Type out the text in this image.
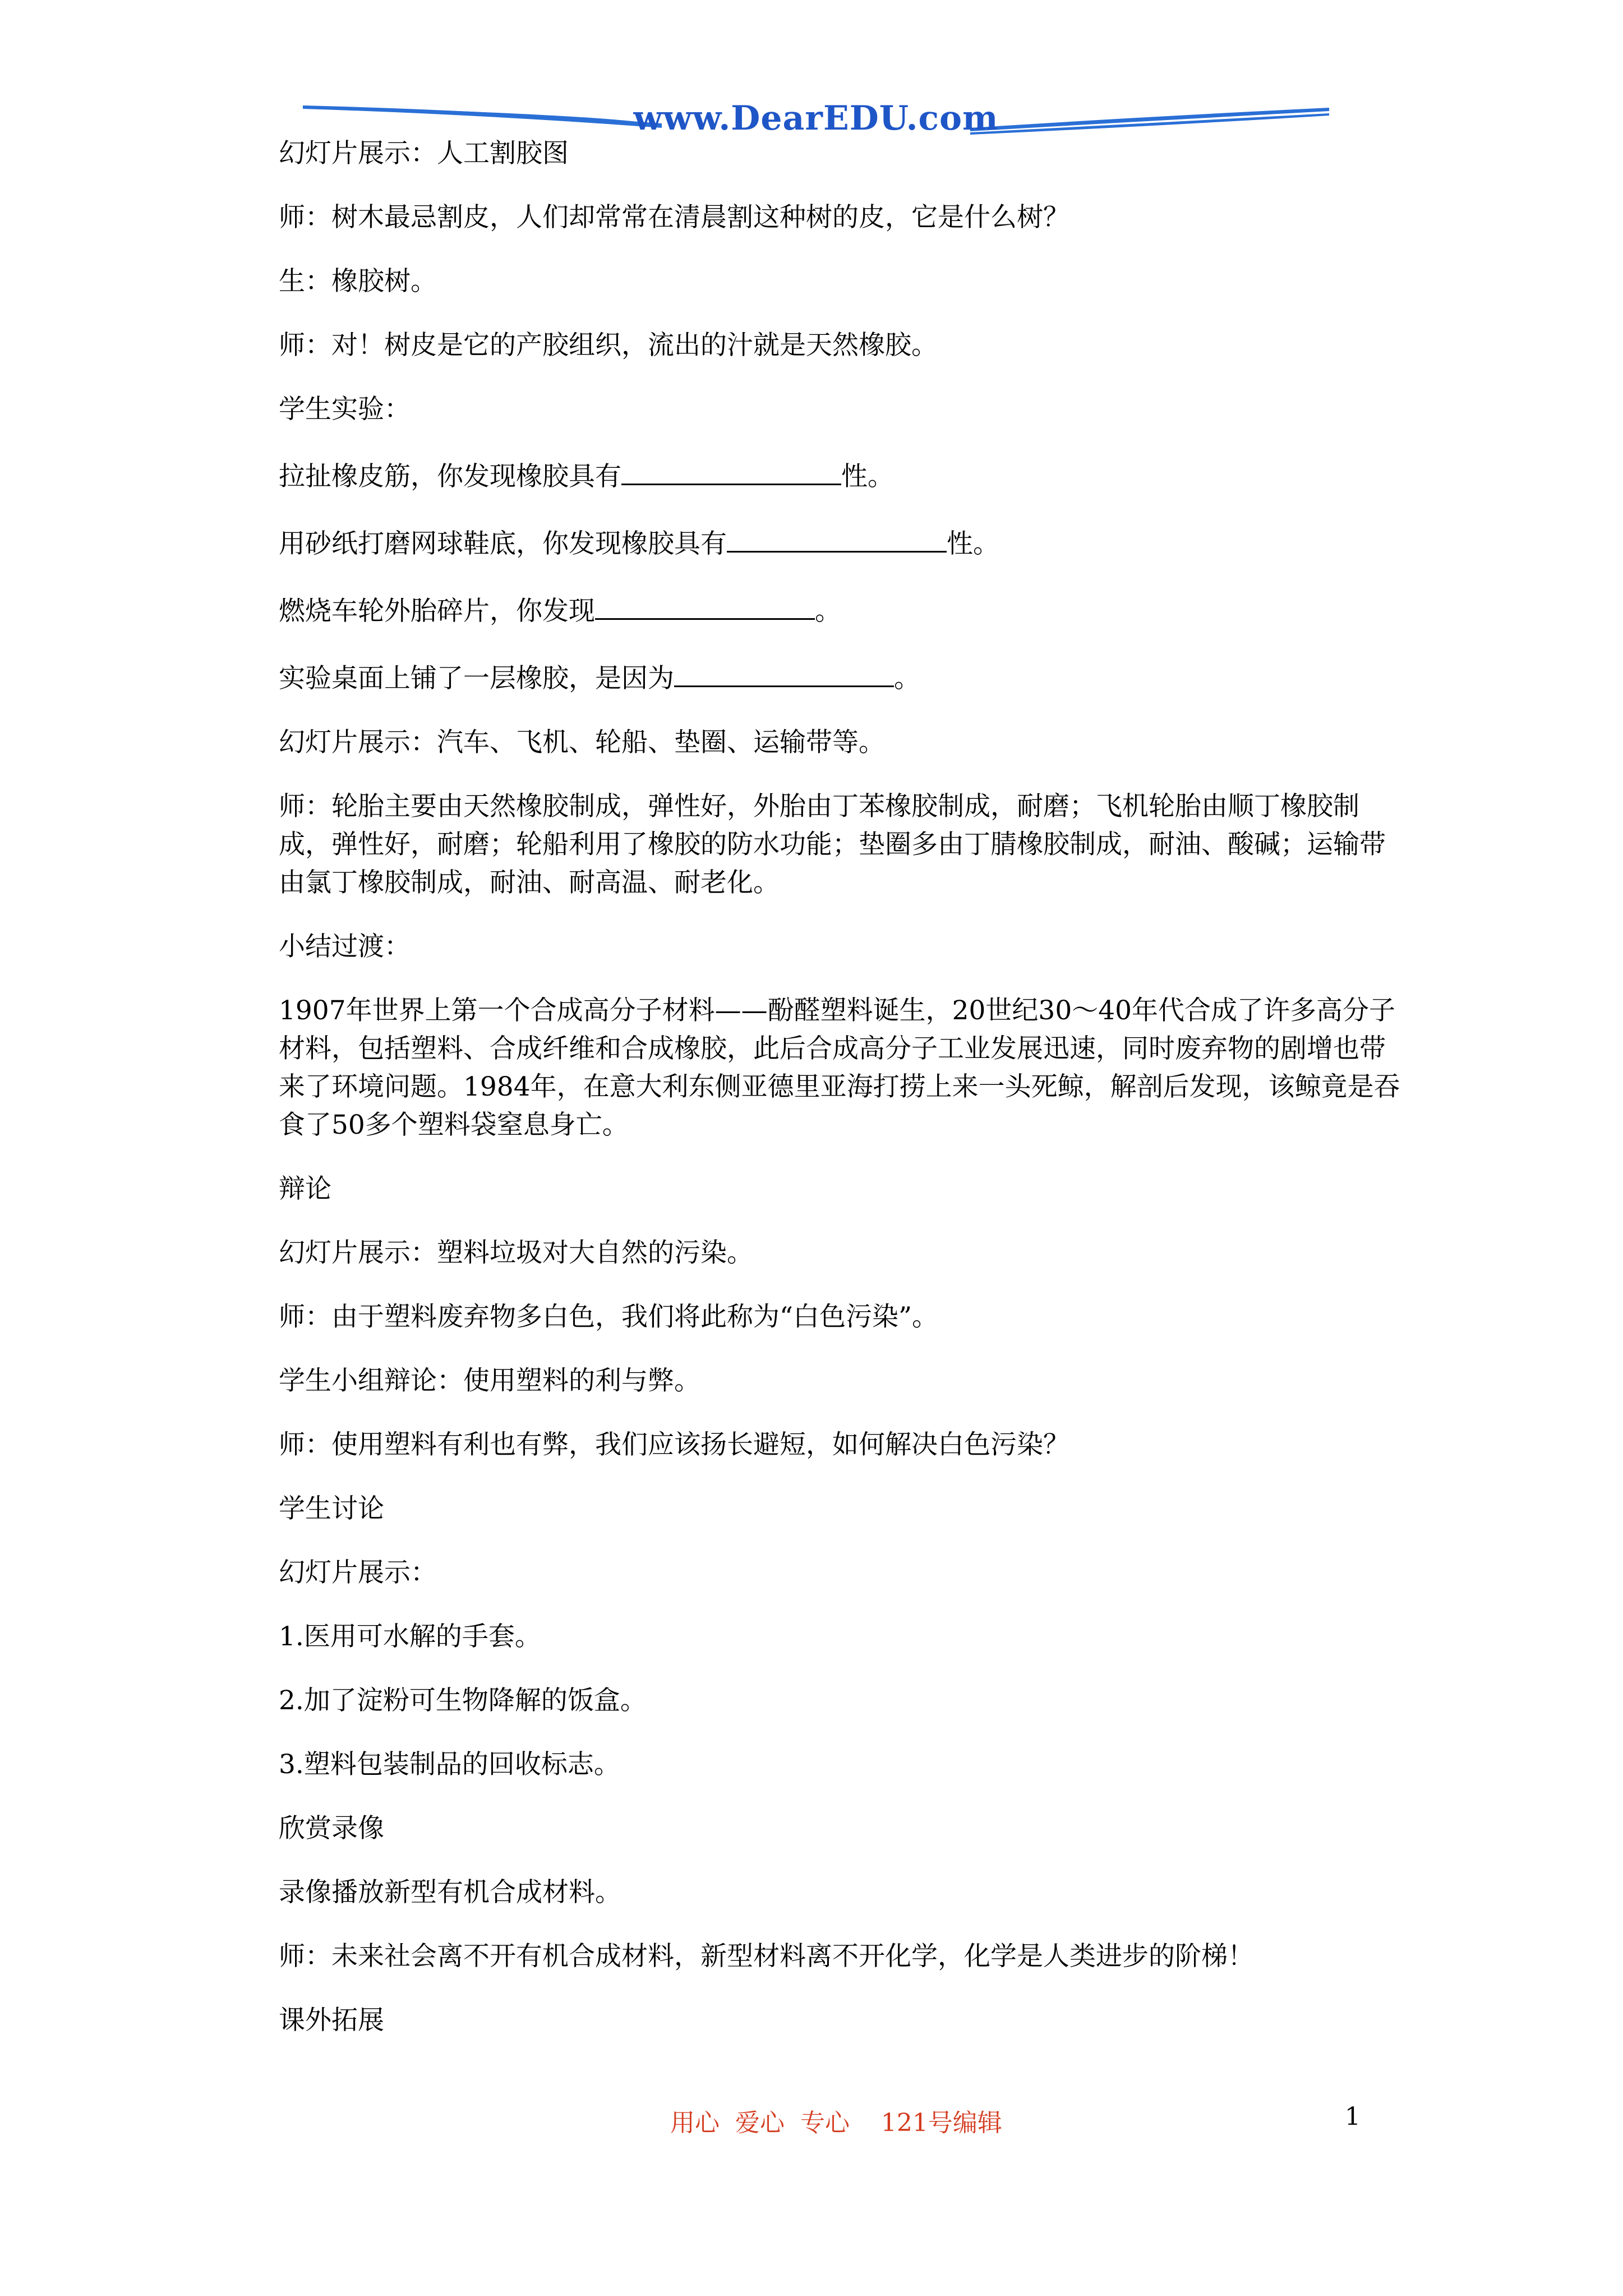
www.DearEDU.com

幻灯片展示：人工割胶图

师：树木最忌割皮，人们却常常在清晨割这种树的皮，它是什么树？

生：橡胶树。

师：对！树皮是它的产胶组织，流出的汁就是天然橡胶。

学生实验：

拉扯橡皮筋，你发现橡胶具有	性。

用砂纸打磨网球鞋底，你发现橡胶具有	性。

燃烧车轮外胎碎片，你发现	。

实验桌面上铺了一层橡胶，是因为	。

幻灯片展示：汽车、飞机、轮船、垫圈、运输带等。

师：轮胎主要由天然橡胶制成，弹性好，外胎由丁苯橡胶制成，耐磨；飞机轮胎由顺丁橡胶制成，弹性好，耐磨；轮船利用了橡胶的防水功能；垫圈多由丁腈橡胶制成，耐油、酸碱；运输带由氯丁橡胶制成，耐油、耐高温、耐老化。

小结过渡：

1907年世界上第一个合成高分子材料——酚醛塑料诞生，20世纪30～40年代合成了许多高分子材料，包括塑料、合成纤维和合成橡胶，此后合成高分子工业发展迅速，同时废弃物的剧增也带来了环境问题。1984年，在意大利东侧亚德里亚海打捞上来一头死鲸，解剖后发现，该鲸竟是吞食了50多个塑料袋窒息身亡。

辩论

幻灯片展示：塑料垃圾对大自然的污染。

师：由于塑料废弃物多白色，我们将此称为“白色污染”。

学生小组辩论：使用塑料的利与弊。

师：使用塑料有利也有弊，我们应该扬长避短，如何解决白色污染？

学生讨论

幻灯片展示：

1.医用可水解的手套。

2.加了淀粉可生物降解的饭盒。

3.塑料包装制品的回收标志。

欣赏录像

录像播放新型有机合成材料。

师：未来社会离不开有机合成材料，新型材料离不开化学，化学是人类进步的阶梯！

课外拓展

用心  爱心  专心    121号编辑	1
